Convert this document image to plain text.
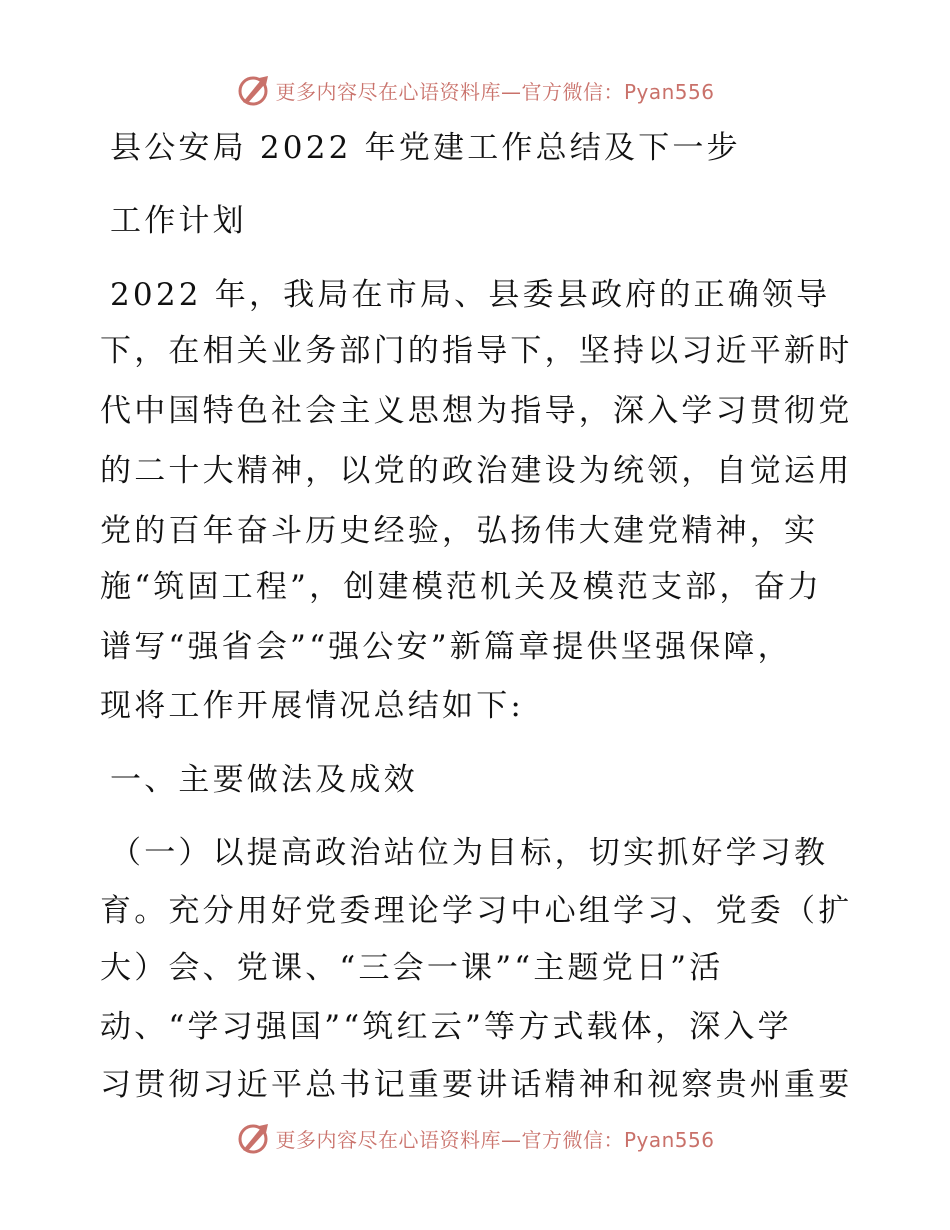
更多内容尽在心语资料库—官方微信：Pyan556
县公安局 2022 年党建工作总结及下一步
工作计划
2022 年，我局在市局、县委县政府的正确领导
下，在相关业务部门的指导下，坚持以习近平新时
代中国特色社会主义思想为指导，深入学习贯彻党
的二十大精神，以党的政治建设为统领，自觉运用
党的百年奋斗历史经验，弘扬伟大建党精神，实
施“筑固工程”，创建模范机关及模范支部，奋力
谱写“强省会”“强公安”新篇章提供坚强保障，
现将工作开展情况总结如下:
一、主要做法及成效
（一）以提高政治站位为目标，切实抓好学习教
育。充分用好党委理论学习中心组学习、党委（扩
大）会、党课、“三会一课”“主题党日”活
动、“学习强国”“筑红云”等方式载体，深入学
习贯彻习近平总书记重要讲话精神和视察贵州重要
更多内容尽在心语资料库—官方微信：Pyan556
